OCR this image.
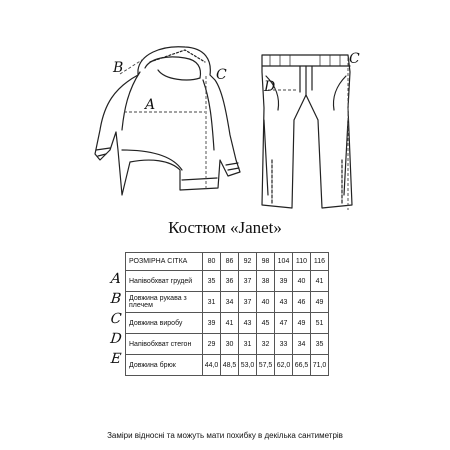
B	C
A
C
D
Костюм «Janet»
A
B
C
D
E
РОЗМІРНА СІТКА	80	86	92	98	104	110	116
Напівобхват грудей	35	36	37	38	39	40	41
Довжина рукава з плечем	31	34	37	40	43	46	49
Довжина виробу	39	41	43	45	47	49	51
Напівобхват стегон	29	30	31	32	33	34	35
Довжина брюк	44,0	48,5	53,0	57,5	62,0	66,5	71,0
Заміри відносні та можуть мати похибку в декілька сантиметрів
